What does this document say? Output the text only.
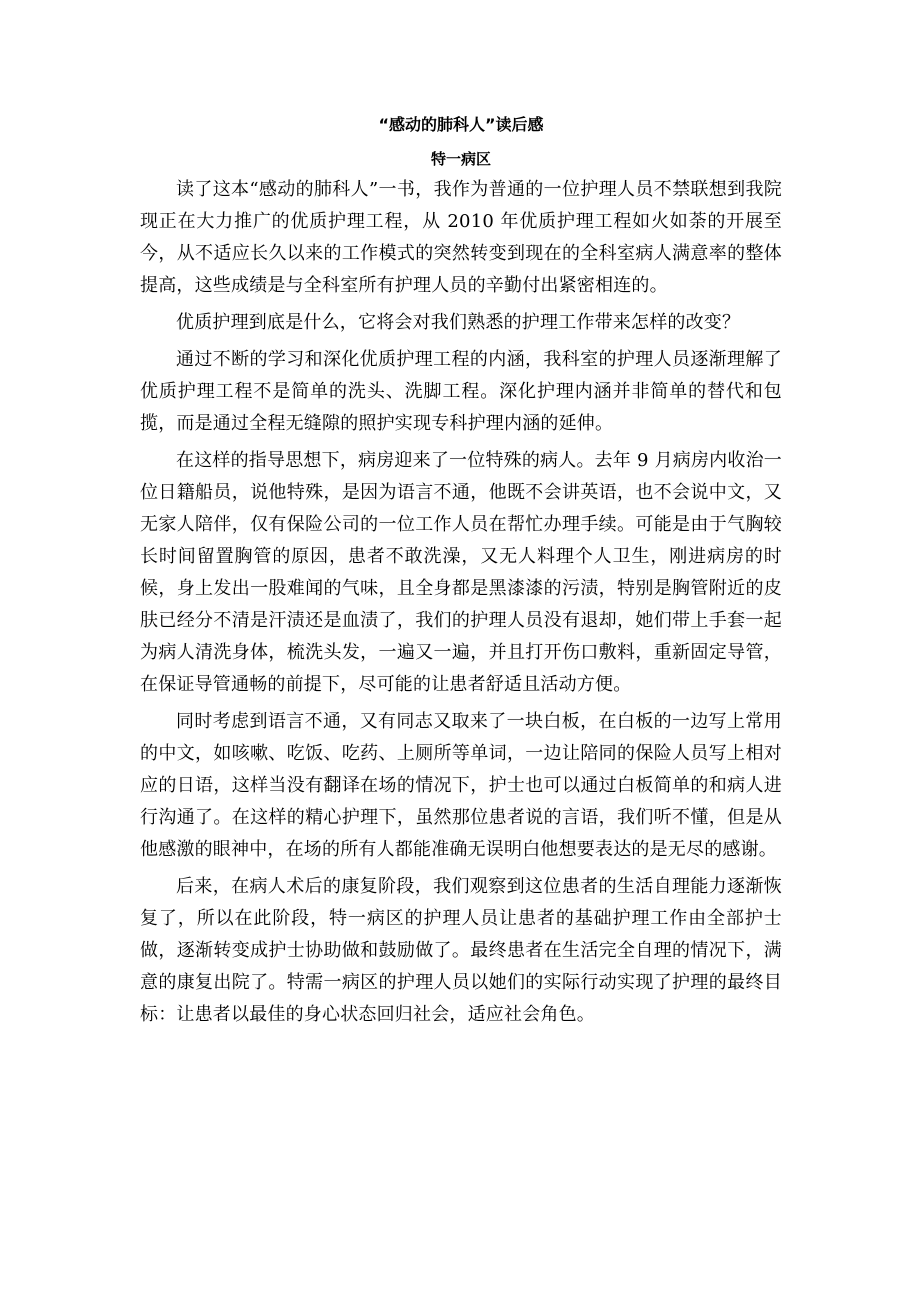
“感动的肺科人”读后感
特一病区

读了这本“感动的肺科人”一书，我作为普通的一位护理人员不禁联想到我院现正在大力推广的优质护理工程，从 2010 年优质护理工程如火如荼的开展至今，从不适应长久以来的工作模式的突然转变到现在的全科室病人满意率的整体提高，这些成绩是与全科室所有护理人员的辛勤付出紧密相连的。

优质护理到底是什么，它将会对我们熟悉的护理工作带来怎样的改变？

通过不断的学习和深化优质护理工程的内涵，我科室的护理人员逐渐理解了优质护理工程不是简单的洗头、洗脚工程。深化护理内涵并非简单的替代和包揽，而是通过全程无缝隙的照护实现专科护理内涵的延伸。

在这样的指导思想下，病房迎来了一位特殊的病人。去年 9 月病房内收治一位日籍船员，说他特殊，是因为语言不通，他既不会讲英语，也不会说中文，又无家人陪伴，仅有保险公司的一位工作人员在帮忙办理手续。可能是由于气胸较长时间留置胸管的原因，患者不敢洗澡，又无人料理个人卫生，刚进病房的时候，身上发出一股难闻的气味，且全身都是黑漆漆的污渍，特别是胸管附近的皮肤已经分不清是汗渍还是血渍了，我们的护理人员没有退却，她们带上手套一起为病人清洗身体，梳洗头发，一遍又一遍，并且打开伤口敷料，重新固定导管，在保证导管通畅的前提下，尽可能的让患者舒适且活动方便。

同时考虑到语言不通，又有同志又取来了一块白板，在白板的一边写上常用的中文，如咳嗽、吃饭、吃药、上厕所等单词，一边让陪同的保险人员写上相对应的日语，这样当没有翻译在场的情况下，护士也可以通过白板简单的和病人进行沟通了。在这样的精心护理下，虽然那位患者说的言语，我们听不懂，但是从他感激的眼神中，在场的所有人都能准确无误明白他想要表达的是无尽的感谢。

后来，在病人术后的康复阶段，我们观察到这位患者的生活自理能力逐渐恢复了，所以在此阶段，特一病区的护理人员让患者的基础护理工作由全部护士做，逐渐转变成护士协助做和鼓励做了。最终患者在生活完全自理的情况下，满意的康复出院了。特需一病区的护理人员以她们的实际行动实现了护理的最终目标：让患者以最佳的身心状态回归社会，适应社会角色。
